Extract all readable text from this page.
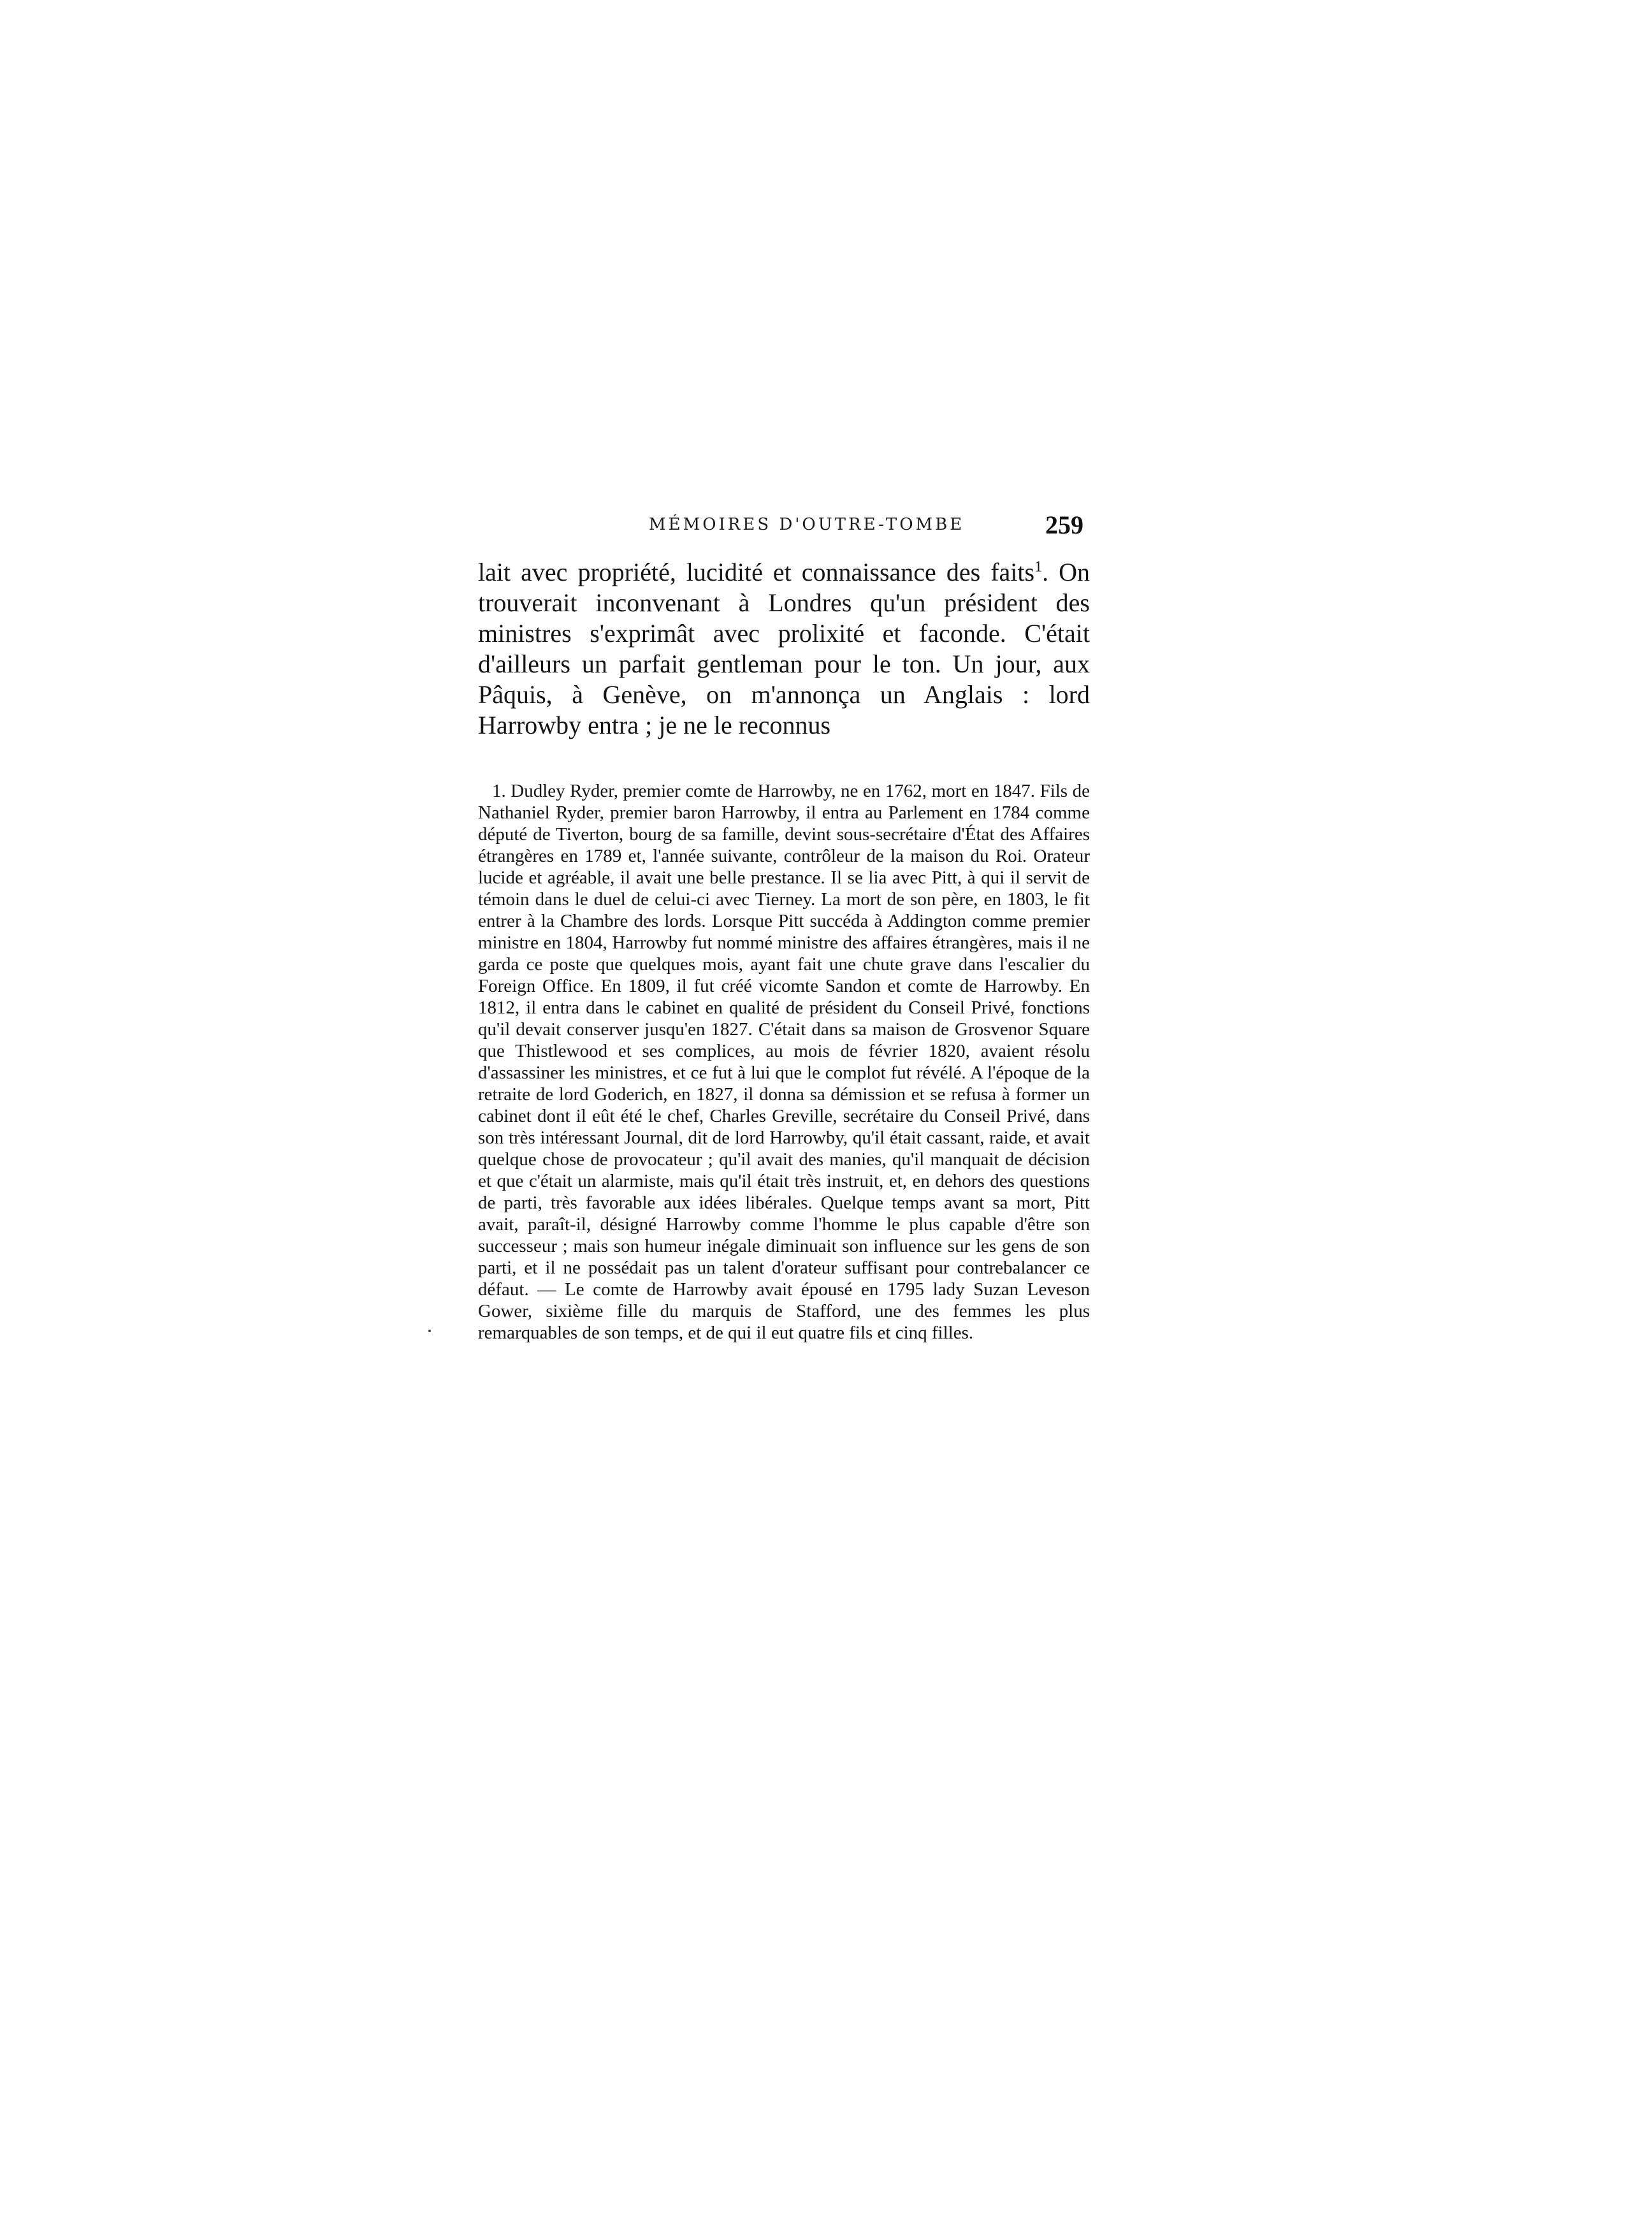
MÉMOIRES D'OUTRE-TOMBE	259

lait avec propriété, lucidité et connaissance des faits$^1$. On trouverait inconvenant à Londres qu'un président des ministres s'exprimât avec prolixité et faconde. C'était d'ailleurs un parfait gentleman pour le ton. Un jour, aux Pâquis, à Genève, on m'annonça un Anglais : lord Harrowby entra ; je ne le reconnus

1. Dudley Ryder, premier comte de Harrowby, ne en 1762, mort en 1847. Fils de Nathaniel Ryder, premier baron Harrowby, il entra au Parlement en 1784 comme député de Tiverton, bourg de sa famille, devint sous-secrétaire d'État des Affaires étrangères en 1789 et, l'année suivante, contrôleur de la maison du Roi. Orateur lucide et agréable, il avait une belle prestance. Il se lia avec Pitt, à qui il servit de témoin dans le duel de celui-ci avec Tierney. La mort de son père, en 1803, le fit entrer à la Chambre des lords. Lorsque Pitt succéda à Addington comme premier ministre en 1804, Harrowby fut nommé ministre des affaires étrangères, mais il ne garda ce poste que quelques mois, ayant fait une chute grave dans l'escalier du Foreign Office. En 1809, il fut créé vicomte Sandon et comte de Harrowby. En 1812, il entra dans le cabinet en qualité de président du Conseil Privé, fonctions qu'il devait conserver jusqu'en 1827. C'était dans sa maison de Grosvenor Square que Thistlewood et ses complices, au mois de février 1820, avaient résolu d'assassiner les ministres, et ce fut à lui que le complot fut révélé. A l'époque de la retraite de lord Goderich, en 1827, il donna sa démission et se refusa à former un cabinet dont il eût été le chef, Charles Greville, secrétaire du Conseil Privé, dans son très intéressant Journal, dit de lord Harrowby, qu'il était cassant, raide, et avait quelque chose de provocateur ; qu'il avait des manies, qu'il manquait de décision et que c'était un alarmiste, mais qu'il était très instruit, et, en dehors des questions de parti, très favorable aux idées libérales. Quelque temps avant sa mort, Pitt avait, paraît-il, désigné Harrowby comme l'homme le plus capable d'être son successeur ; mais son humeur inégale diminuait son influence sur les gens de son parti, et il ne possédait pas un talent d'orateur suffisant pour contrebalancer ce défaut. — Le comte de Harrowby avait épousé en 1795 lady Suzan Leveson Gower, sixième fille du marquis de Stafford, une des femmes les plus remarquables de son temps, et de qui il eut quatre fils et cinq filles.
